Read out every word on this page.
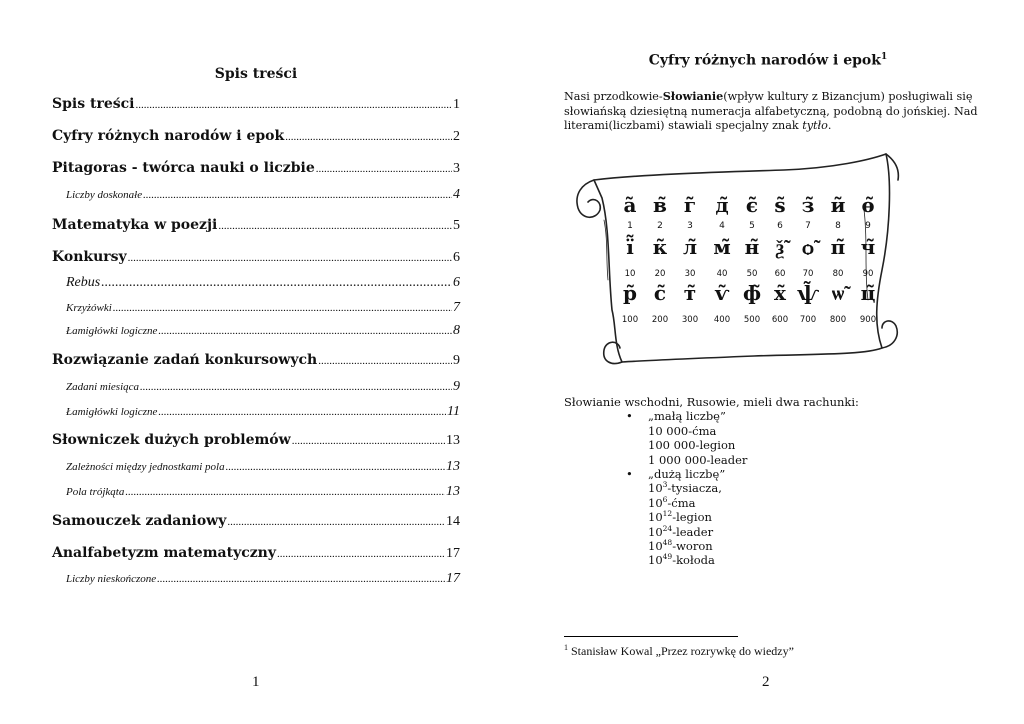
Spis treści
Spis treści .....	1
Cyfry różnych narodów i epok .....	2
Pitagoras - twórca nauki o liczbie .....	3
Liczby doskonałe .....	4
Matematyka w poezji .....	5
Konkursy .....	6
Rebus .....	6
Krzyżówki .....	7
Łamigłówki logiczne .....	8
Rozwiązanie zadań konkursowych .....	9
Zadani miesiąca .....	9
Łamigłówki logiczne .....	11
Słowniczek dużych problemów .....	13
Zależności między jednostkami pola .....	13
Pola trójkąta .....	13
Samouczek zadaniowy .....	14
Analfabetyzm matematyczny .....	17
Liczby nieskończone .....	17
1
Cyfry różnych narodów i epok$^1$
Nasi przodkowie-Słowianie(wpływ kultury z Bizancjum) posługiwali się słowiańską dziesiętną numeracja alfabetyczną, podobną do jońskiej. Nad literami(liczbami) stawiali specjalny znak tytło.
а̃ в̃ г̃ д̃ є̃ ѕ̃ з̃ и̃ ѳ̃
1	2	3	4	5 6 7	8	9
ї̃ к̃ л̃ м̃ н̃ ѯ̃ ѻ̃ п̃ ч̃
10 20 30 40 50 60 70 80 90
р̃ с̃ т̃ ѵ̃ ф̃ х̃ ѱ̃ ѡ̃ ц̃
100 200 300 400 500 600 700 800 900
Słowianie wschodni, Rusowie, mieli dwa rachunki:
• „małą liczbę”
10 000-ćma
100 000-legion
1 000 000-leader
• „dużą liczbę”
$10^3$-tysiacza,
$10^6$-ćma
$10^{12}$-legion
$10^{24}$-leader
$10^{48}$-woron
$10^{49}$-kołoda
$^1$ Stanisław Kowal „Przez rozrywkę do wiedzy”
2
